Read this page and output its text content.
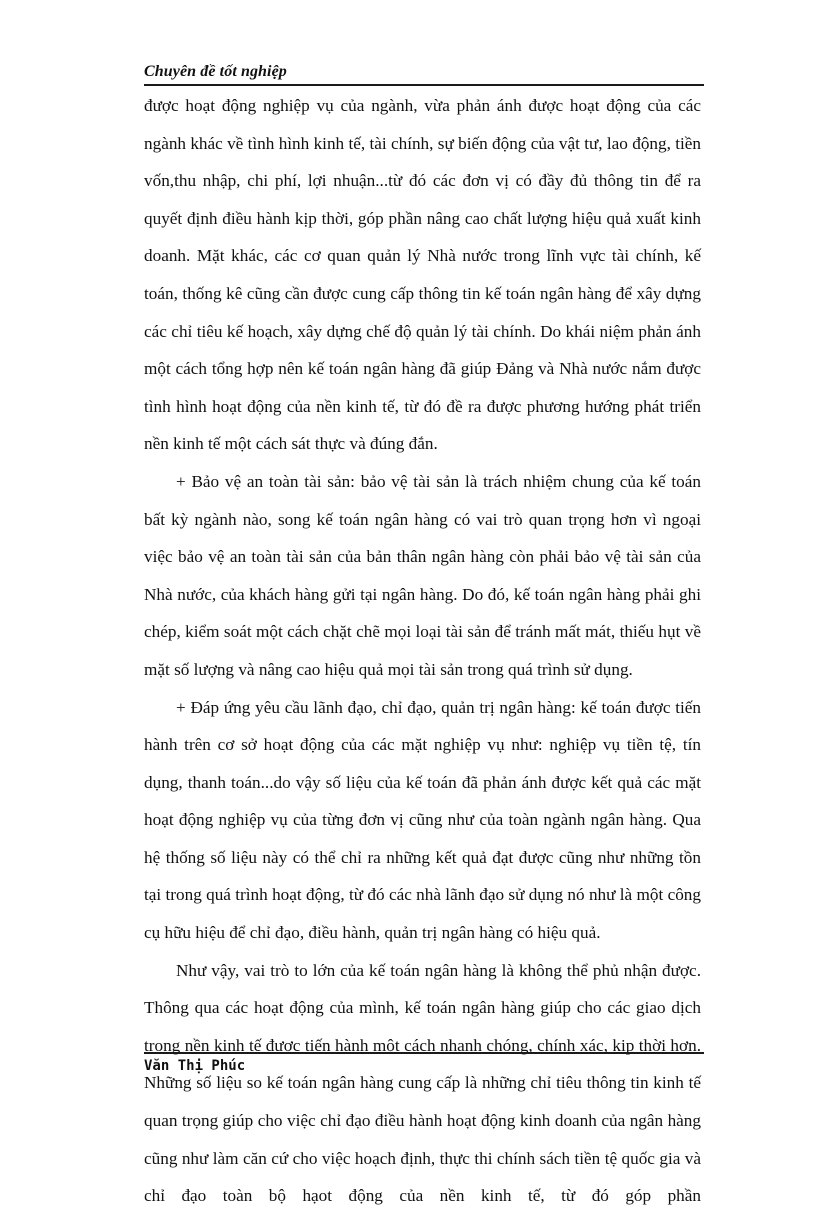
Chuyên đề tốt nghiệp

được hoạt động nghiệp vụ của ngành, vừa phản ánh được hoạt động của các ngành khác về tình hình kinh tế, tài chính, sự biến động của vật tư, lao động, tiền vốn,thu nhập, chi phí, lợi nhuận...từ đó các đơn vị có đầy đủ thông tin để ra quyết định điều hành kịp thời, góp phần nâng cao chất lượng hiệu quả xuất kinh doanh. Mặt khác, các cơ quan quản lý Nhà nước trong lĩnh vực tài chính, kế toán, thống kê cũng cần được cung cấp thông tin kế toán ngân hàng để xây dựng các chỉ tiêu kế hoạch, xây dựng chế độ quản lý tài chính. Do khái niệm phản ánh một cách tổng hợp nên kế toán ngân hàng đã giúp Đảng và Nhà nước nắm được tình hình hoạt động của nền kinh tế, từ đó đề ra được phương hướng phát triển nền kinh tế một cách sát thực và đúng đắn.

+ Bảo vệ an toàn tài sản: bảo vệ tài sản là trách nhiệm chung của kế toán bất kỳ ngành nào, song kế toán ngân hàng có vai trò quan trọng hơn vì ngoại việc bảo vệ an toàn tài sản của bản thân ngân hàng còn phải bảo vệ tài sản của Nhà nước, của khách hàng gửi tại ngân hàng. Do đó, kế toán ngân hàng phải ghi chép, kiểm soát một cách chặt chẽ mọi loại tài sản để tránh mất mát, thiếu hụt về mặt số lượng và nâng cao hiệu quả mọi tài sản trong quá trình sử dụng.

+ Đáp ứng yêu cầu lãnh đạo, chỉ đạo, quản trị ngân hàng: kế toán được tiến hành trên cơ sở hoạt động của các mặt nghiệp vụ như: nghiệp vụ tiền tệ, tín dụng, thanh toán...do vậy số liệu của kế toán đã phản ánh được kết quả các mặt hoạt động nghiệp vụ của từng đơn vị cũng như của toàn ngành ngân hàng. Qua hệ thống số liệu này có thể chỉ ra những kết quả đạt được cũng như những tồn tại trong quá trình hoạt động, từ đó các nhà lãnh đạo sử dụng nó như là một công cụ hữu hiệu để chỉ đạo, điều hành, quản trị ngân hàng có hiệu quả.

Như vậy, vai trò to lớn của kế toán ngân hàng là không thể phủ nhận được. Thông qua các hoạt động của mình, kế toán ngân hàng giúp cho các giao dịch trong nền kinh tế được tiến hành một cách nhanh chóng, chính xác, kịp thời hơn. Những số liệu so kế toán ngân hàng cung cấp là những chỉ tiêu thông tin kinh tế quan trọng giúp cho việc chỉ đạo điều hành hoạt động kinh doanh của ngân hàng cũng như làm căn cứ cho việc hoạch định, thực thi chính sách tiền tệ quốc gia và chỉ đạo toàn bộ hạot động của nền kinh tế, từ đó góp phần

Văn Thị Phúc
